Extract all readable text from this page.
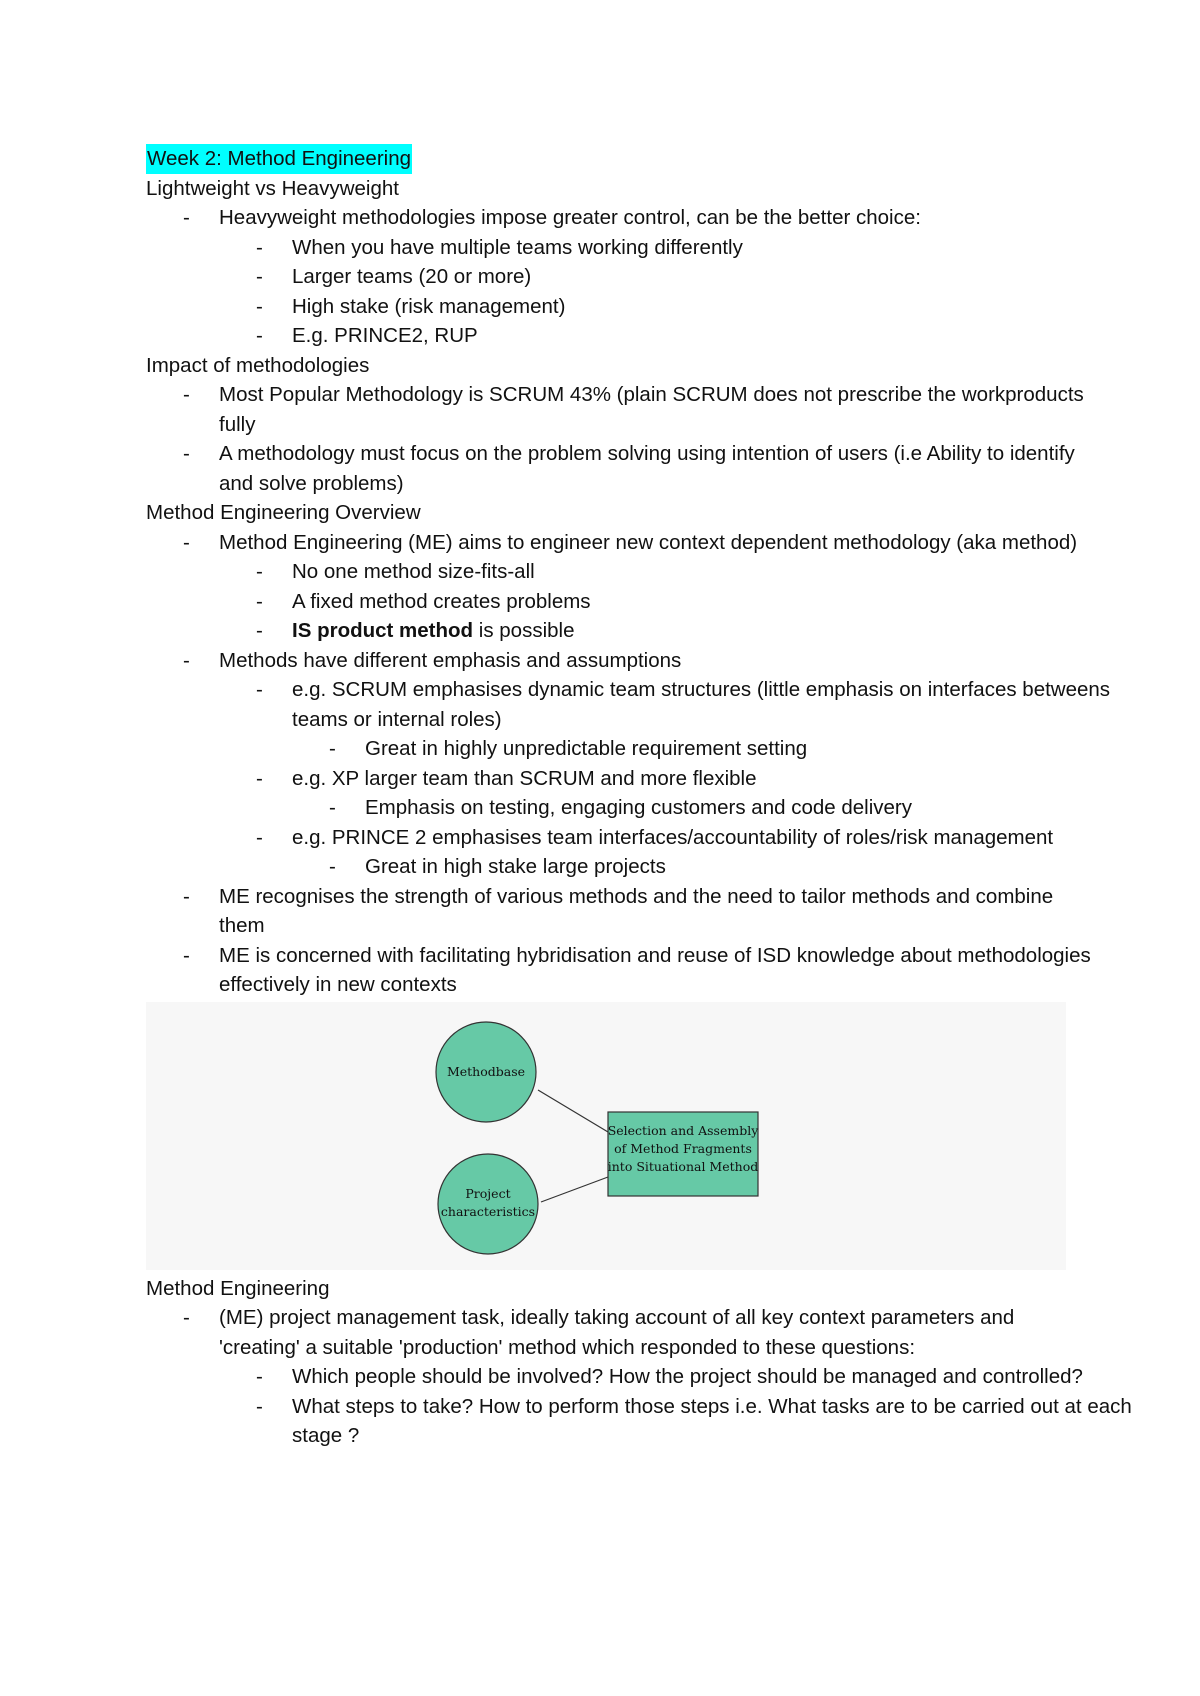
Week 2: Method Engineering
Lightweight vs Heavyweight
- Heavyweight methodologies impose greater control, can be the better choice:
- When you have multiple teams working differently
- Larger teams (20 or more)
- High stake (risk management)
- E.g. PRINCE2, RUP
Impact of methodologies
- Most Popular Methodology is SCRUM 43% (plain SCRUM does not prescribe the workproducts fully
- A methodology must focus on the problem solving using intention of users (i.e Ability to identify and solve problems)
Method Engineering Overview
- Method Engineering (ME) aims to engineer new context dependent methodology (aka method)
- No one method size-fits-all
- A fixed method creates problems
- IS product method is possible
- Methods have different emphasis and assumptions
- e.g. SCRUM emphasises dynamic team structures (little emphasis on interfaces betweens teams or internal roles)
- Great in highly unpredictable requirement setting
- e.g. XP larger team than SCRUM and more flexible
- Emphasis on testing, engaging customers and code delivery
- e.g. PRINCE 2 emphasises team interfaces/accountability of roles/risk management
- Great in high stake large projects
- ME recognises the strength of various methods and the need to tailor methods and combine them
- ME is concerned with facilitating hybridisation and reuse of ISD knowledge about methodologies effectively in new contexts
Methodbase
Project
characteristics
Selection and Assembly
of Method Fragments
into Situational Method
Method Engineering
- (ME) project management task, ideally taking account of all key context parameters and 'creating' a suitable 'production' method which responded to these questions:
- Which people should be involved? How the project should be managed and controlled?
- What steps to take? How to perform those steps i.e. What tasks are to be carried out at each stage ?
